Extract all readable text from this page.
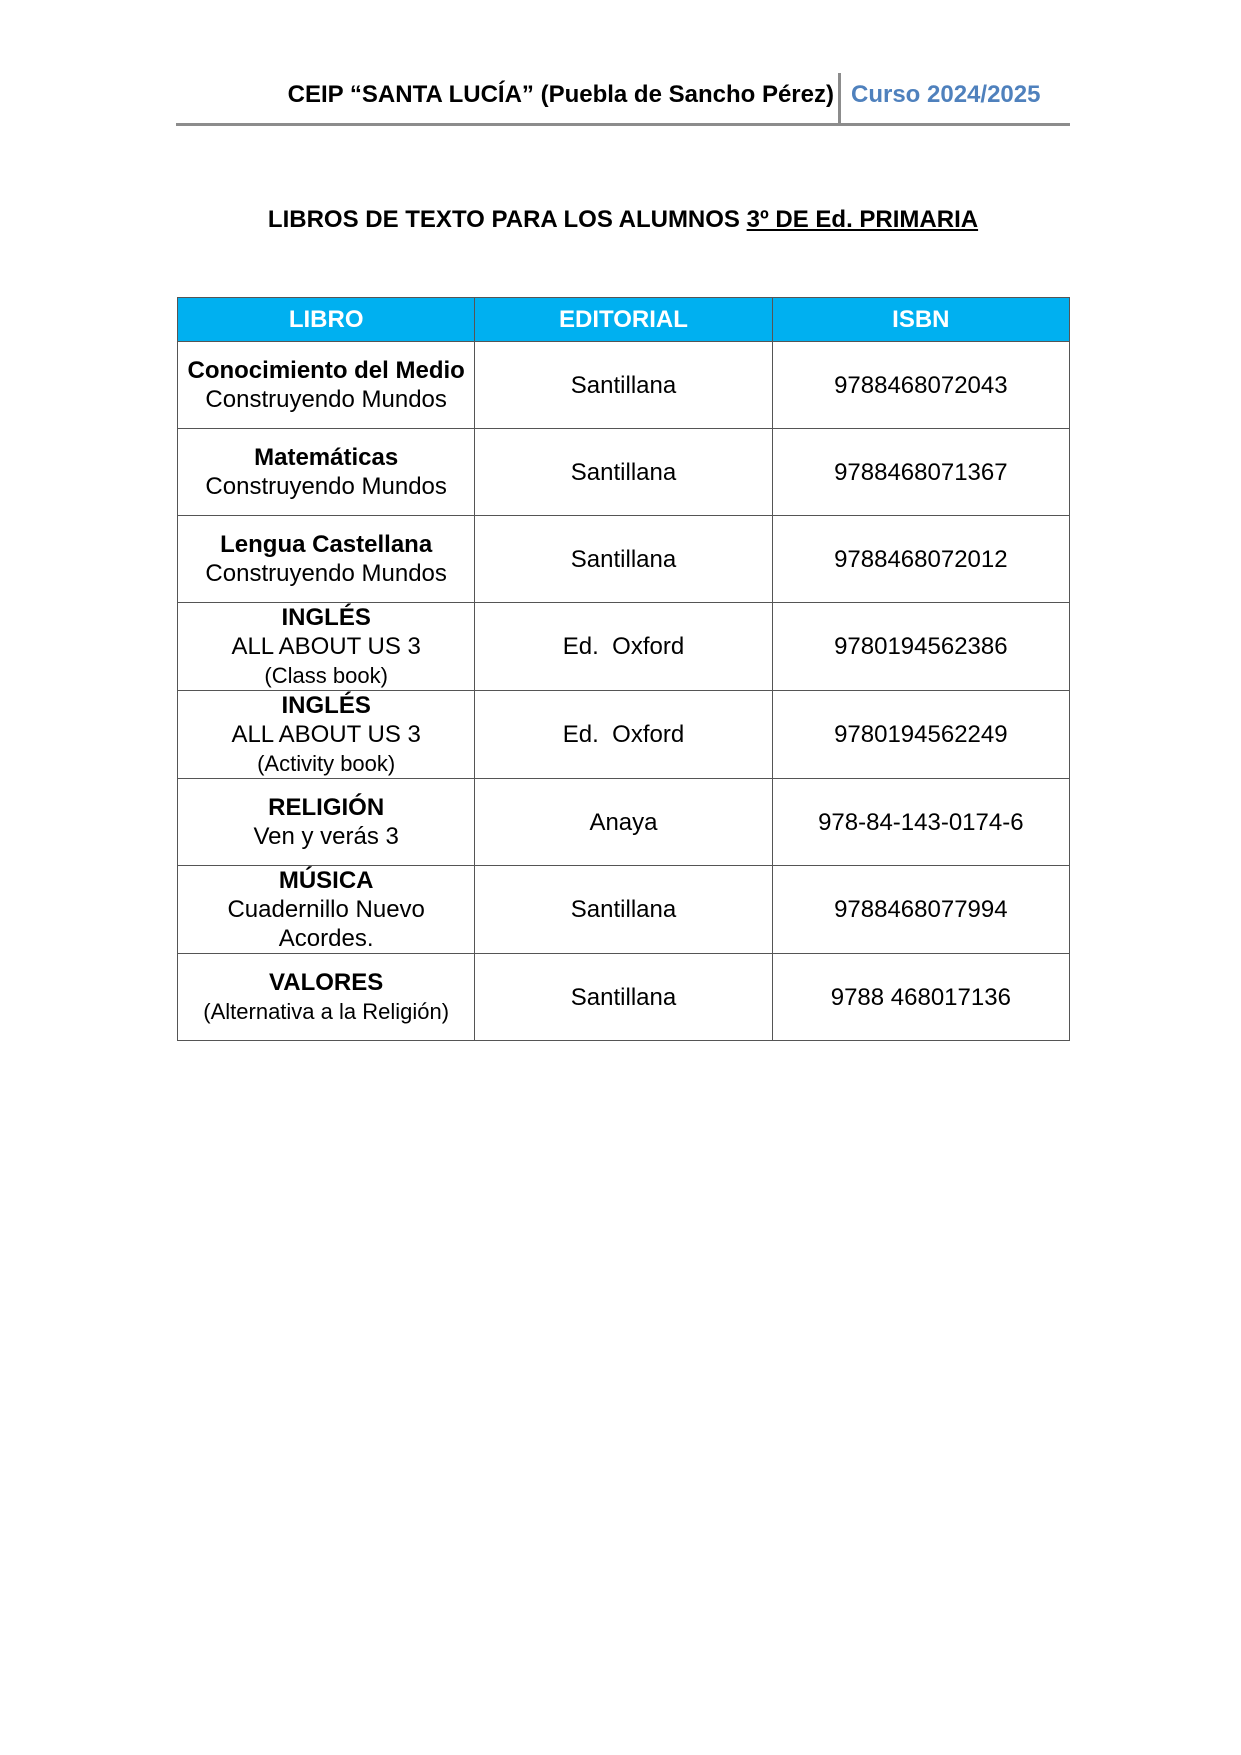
CEIP “SANTA LUCÍA” (Puebla de Sancho Pérez) Curso 2024/2025
LIBROS DE TEXTO PARA LOS ALUMNOS 3º DE Ed. PRIMARIA
LIBRO	EDITORIAL	ISBN

Conocimiento del Medio
Construyendo Mundos	Santillana	9788468072043

Matemáticas
Construyendo Mundos	Santillana	9788468071367

Lengua Castellana
Construyendo Mundos	Santillana	9788468072012

INGLÉS
ALL ABOUT US 3
(Class book)	Ed.  Oxford	9780194562386

INGLÉS
ALL ABOUT US 3
(Activity book)	Ed.  Oxford	9780194562249

RELIGIÓN
Ven y verás 3	Anaya	978-84-143-0174-6

MÚSICA
Cuadernillo Nuevo Acordes.	Santillana	9788468077994

VALORES
(Alternativa a la Religión)	Santillana	9788 468017136
